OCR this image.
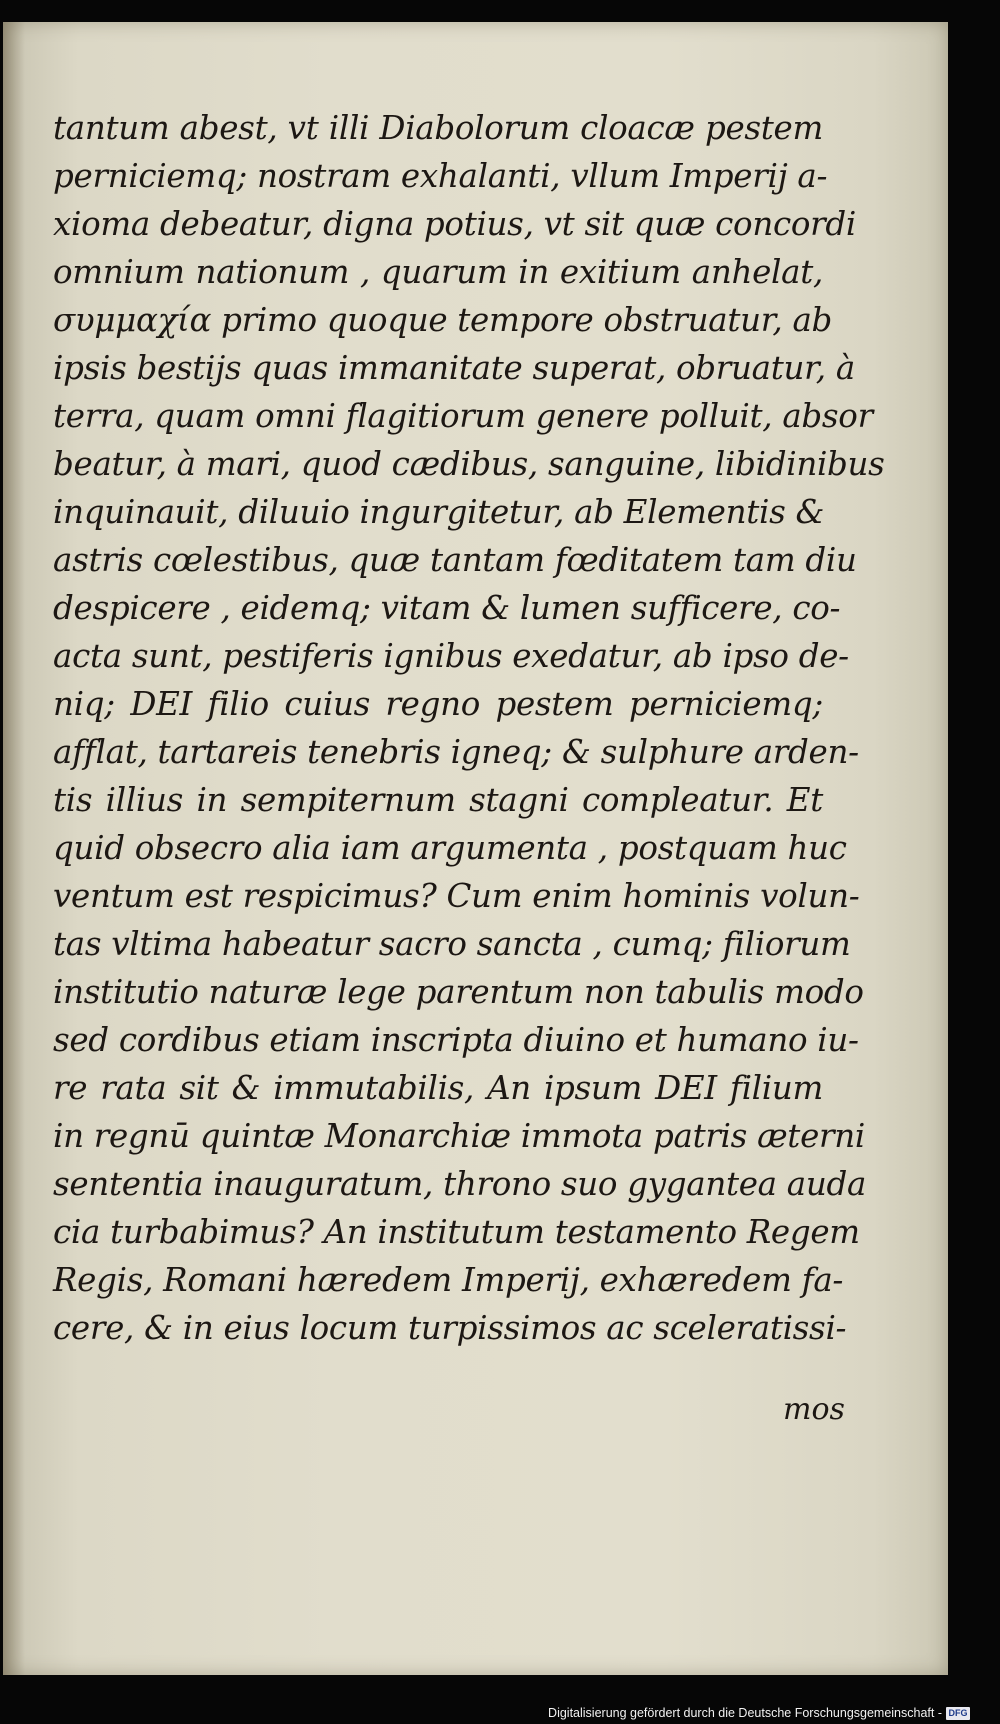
tantum abest, vt illi Diabolorum cloacæ pestem
perniciemq; nostram exhalanti, vllum Imperij a-
xioma debeatur, digna potius, vt sit quæ concordi
omnium nationum , quarum in exitium anhelat,
συμμαχία primo quoque tempore obstruatur, ab
ipsis bestijs quas immanitate superat, obruatur, à
terra, quam omni flagitiorum genere polluit, absor
beatur, à mari, quod cædibus, sanguine, libidinibus
inquinauit, diluuio ingurgitetur, ab Elementis &
astris cœlestibus, quæ tantam fœditatem tam diu
despicere , eidemq; vitam & lumen sufficere, co-
acta sunt, pestiferis ignibus exedatur, ab ipso de-
niq; DEI filio cuius regno pestem perniciemq;
afflat, tartareis tenebris igneq; & sulphure arden-
tis illius in sempiternum stagni compleatur. Et
quid obsecro alia iam argumenta , postquam huc
ventum est respicimus? Cum enim hominis volun-
tas vltima habeatur sacro sancta , cumq; filiorum
institutio naturæ lege parentum non tabulis modo
sed cordibus etiam inscripta diuino et humano iu-
re rata sit & immutabilis, An ipsum DEI filium
in regnū quintæ Monarchiæ immota patris æterni
sententia inauguratum, throno suo gygantea auda
cia turbabimus? An institutum testamento Regem
Regis, Romani hæredem Imperij, exhæredem fa-
cere, & in eius locum turpissimos ac sceleratissi-
mos
Digitalisierung gefördert durch die Deutsche Forschungsgemeinschaft - DFG
